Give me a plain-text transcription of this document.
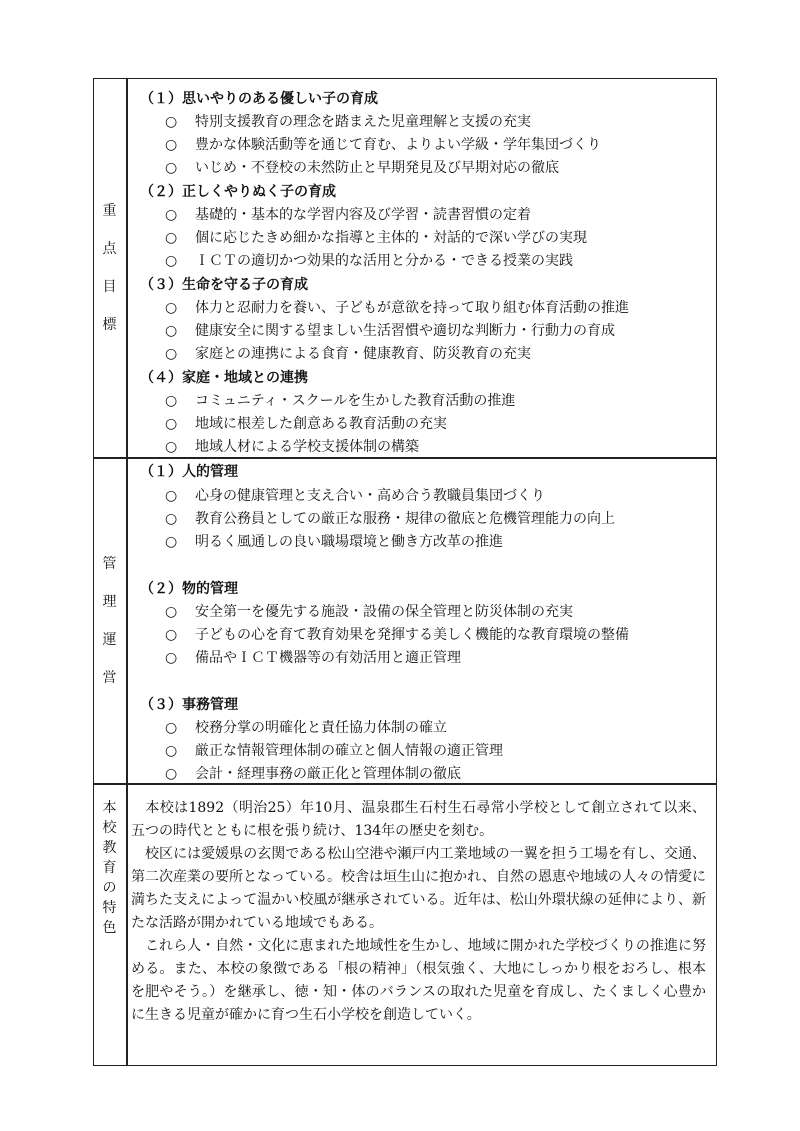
重
点
目
標
（１）思いやりのある優しい子の育成
○ 特別支援教育の理念を踏まえた児童理解と支援の充実
○ 豊かな体験活動等を通じて育む、よりよい学級・学年集団づくり
○ いじめ・不登校の未然防止と早期発見及び早期対応の徹底
（２）正しくやりぬく子の育成
○ 基礎的・基本的な学習内容及び学習・読書習慣の定着
○ 個に応じたきめ細かな指導と主体的・対話的で深い学びの実現
○ ＩＣＴの適切かつ効果的な活用と分かる・できる授業の実践
（３）生命を守る子の育成
○ 体力と忍耐力を養い、子どもが意欲を持って取り組む体育活動の推進
○ 健康安全に関する望ましい生活習慣や適切な判断力・行動力の育成
○ 家庭との連携による食育・健康教育、防災教育の充実
（４）家庭・地域との連携
○ コミュニティ・スクールを生かした教育活動の推進
○ 地域に根差した創意ある教育活動の充実
○ 地域人材による学校支援体制の構築
管
理
運
営
（１）人的管理
○ 心身の健康管理と支え合い・高め合う教職員集団づくり
○ 教育公務員としての厳正な服務・規律の徹底と危機管理能力の向上
○ 明るく風通しの良い職場環境と働き方改革の推進
（２）物的管理
○ 安全第一を優先する施設・設備の保全管理と防災体制の充実
○ 子どもの心を育て教育効果を発揮する美しく機能的な教育環境の整備
○ 備品やＩＣＴ機器等の有効活用と適正管理
（３）事務管理
○ 校務分掌の明確化と責任協力体制の確立
○ 厳正な情報管理体制の確立と個人情報の適正管理
○ 会計・経理事務の厳正化と管理体制の徹底
本
校
教
育
の
特
色

　本校は1892（明治25）年10月、温泉郡生石村生石尋常小学校として創立されて以来、五つの時代とともに根を張り続け、134年の歴史を刻む。

　校区には愛媛県の玄関である松山空港や瀬戸内工業地域の一翼を担う工場を有し、交通、第二次産業の要所となっている。校舎は垣生山に抱かれ、自然の恩恵や地域の人々の情愛に満ちた支えによって温かい校風が継承されている。近年は、松山外環状線の延伸により、新たな活路が開かれている地域でもある。

　これら人・自然・文化に恵まれた地域性を生かし、地域に開かれた学校づくりの推進に努める。また、本校の象徴である「根の精神」（根気強く、大地にしっかり根をおろし、根本を肥やそう。）を継承し、徳・知・体のバランスの取れた児童を育成し、たくましく心豊かに生きる児童が確かに育つ生石小学校を創造していく。
